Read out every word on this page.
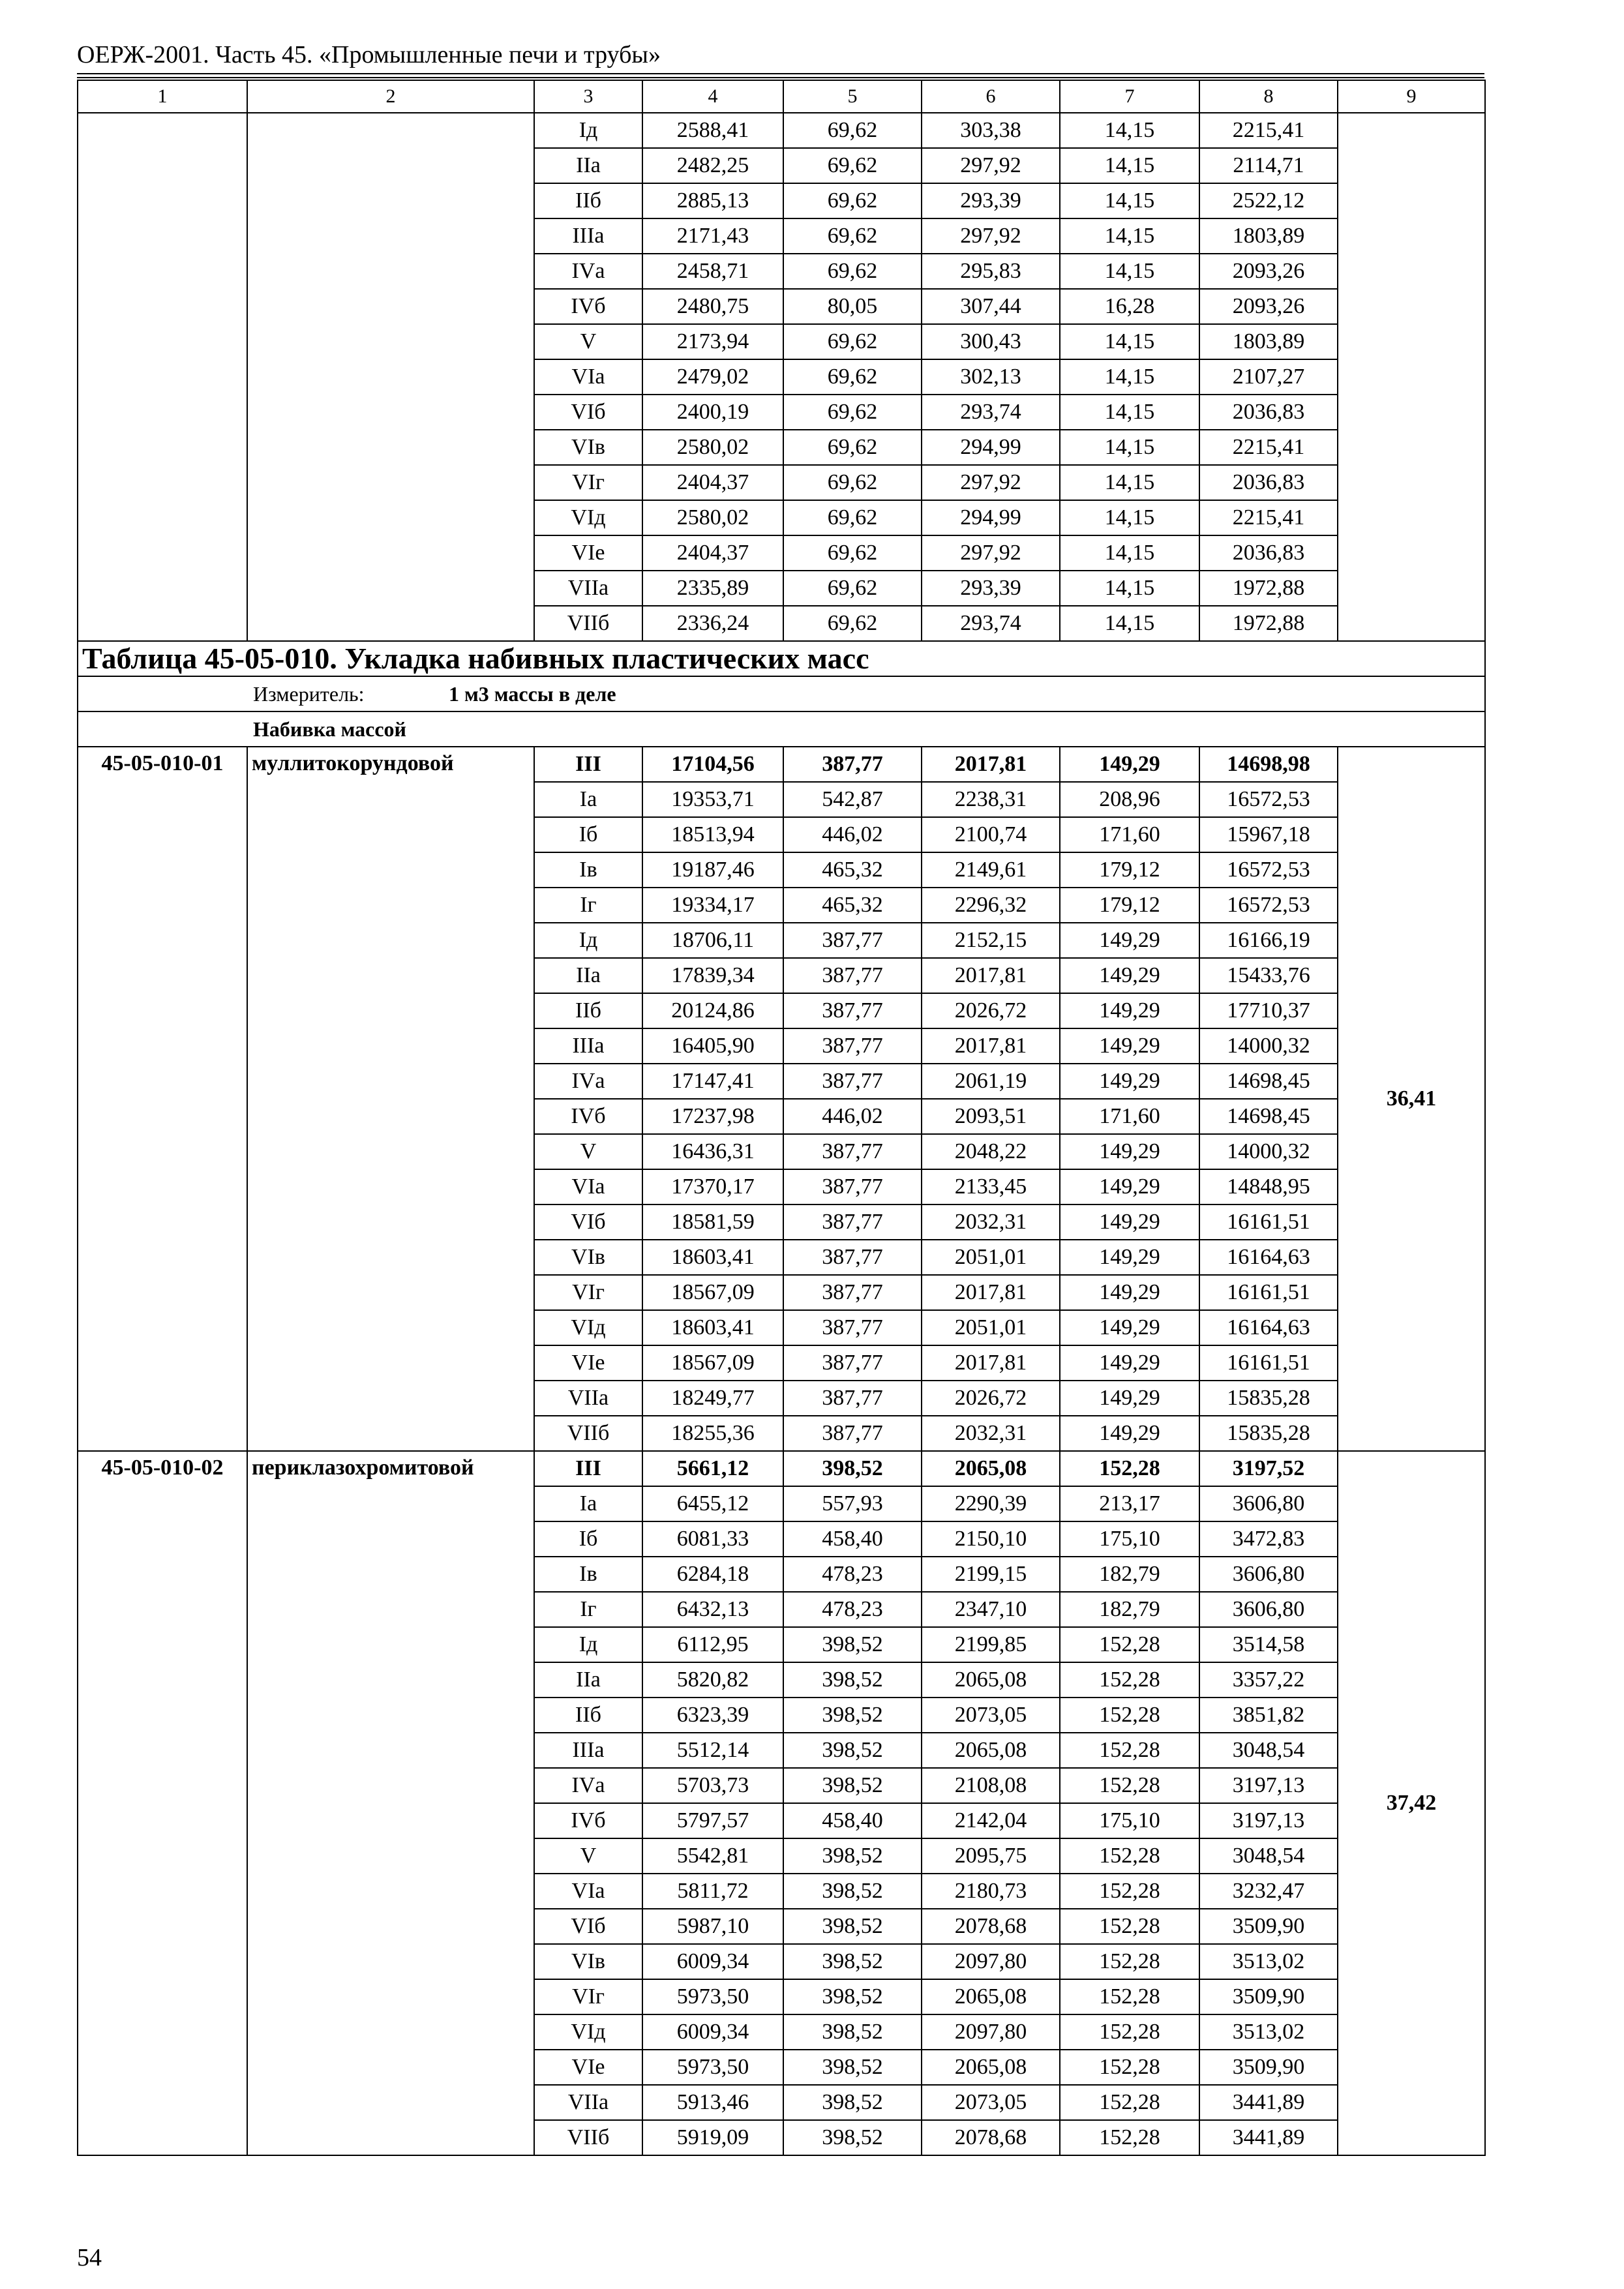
ОЕРЖ-2001. Часть 45. «Промышленные печи и трубы»
1	2	3	4	5	6	7	8	9
		Iд	2588,41	69,62	303,38	14,15	2215,41	
		IIа	2482,25	69,62	297,92	14,15	2114,71	
		IIб	2885,13	69,62	293,39	14,15	2522,12	
		IIIа	2171,43	69,62	297,92	14,15	1803,89	
		IVа	2458,71	69,62	295,83	14,15	2093,26	
		IVб	2480,75	80,05	307,44	16,28	2093,26	
		V	2173,94	69,62	300,43	14,15	1803,89	
		VIа	2479,02	69,62	302,13	14,15	2107,27	
		VIб	2400,19	69,62	293,74	14,15	2036,83	
		VIв	2580,02	69,62	294,99	14,15	2215,41	
		VIг	2404,37	69,62	297,92	14,15	2036,83	
		VIд	2580,02	69,62	294,99	14,15	2215,41	
		VIе	2404,37	69,62	297,92	14,15	2036,83	
		VIIа	2335,89	69,62	293,39	14,15	1972,88	
		VIIб	2336,24	69,62	293,74	14,15	1972,88	
Таблица 45-05-010. Укладка набивных пластических масс								
Измеритель: 1 м3 массы в деле								
Набивка массой								
45-05-010-01	муллитокорундовой	III	17104,56	387,77	2017,81	149,29	14698,98	36,41
		Iа	19353,71	542,87	2238,31	208,96	16572,53	
		Iб	18513,94	446,02	2100,74	171,60	15967,18	
		Iв	19187,46	465,32	2149,61	179,12	16572,53	
		Iг	19334,17	465,32	2296,32	179,12	16572,53	
		Iд	18706,11	387,77	2152,15	149,29	16166,19	
		IIа	17839,34	387,77	2017,81	149,29	15433,76	
		IIб	20124,86	387,77	2026,72	149,29	17710,37	
		IIIа	16405,90	387,77	2017,81	149,29	14000,32	
		IVа	17147,41	387,77	2061,19	149,29	14698,45	
		IVб	17237,98	446,02	2093,51	171,60	14698,45	
		V	16436,31	387,77	2048,22	149,29	14000,32	
		VIа	17370,17	387,77	2133,45	149,29	14848,95	
		VIб	18581,59	387,77	2032,31	149,29	16161,51	
		VIв	18603,41	387,77	2051,01	149,29	16164,63	
		VIг	18567,09	387,77	2017,81	149,29	16161,51	
		VIд	18603,41	387,77	2051,01	149,29	16164,63	
		VIе	18567,09	387,77	2017,81	149,29	16161,51	
		VIIа	18249,77	387,77	2026,72	149,29	15835,28	
		VIIб	18255,36	387,77	2032,31	149,29	15835,28	
45-05-010-02	периклазохромитовой	III	5661,12	398,52	2065,08	152,28	3197,52	37,42
		Iа	6455,12	557,93	2290,39	213,17	3606,80	
		Iб	6081,33	458,40	2150,10	175,10	3472,83	
		Iв	6284,18	478,23	2199,15	182,79	3606,80	
		Iг	6432,13	478,23	2347,10	182,79	3606,80	
		Iд	6112,95	398,52	2199,85	152,28	3514,58	
		IIа	5820,82	398,52	2065,08	152,28	3357,22	
		IIб	6323,39	398,52	2073,05	152,28	3851,82	
		IIIа	5512,14	398,52	2065,08	152,28	3048,54	
		IVа	5703,73	398,52	2108,08	152,28	3197,13	
		IVб	5797,57	458,40	2142,04	175,10	3197,13	
		V	5542,81	398,52	2095,75	152,28	3048,54	
		VIа	5811,72	398,52	2180,73	152,28	3232,47	
		VIб	5987,10	398,52	2078,68	152,28	3509,90	
		VIв	6009,34	398,52	2097,80	152,28	3513,02	
		VIг	5973,50	398,52	2065,08	152,28	3509,90	
		VIд	6009,34	398,52	2097,80	152,28	3513,02	
		VIе	5973,50	398,52	2065,08	152,28	3509,90	
		VIIа	5913,46	398,52	2073,05	152,28	3441,89	
		VIIб	5919,09	398,52	2078,68	152,28	3441,89	
54
